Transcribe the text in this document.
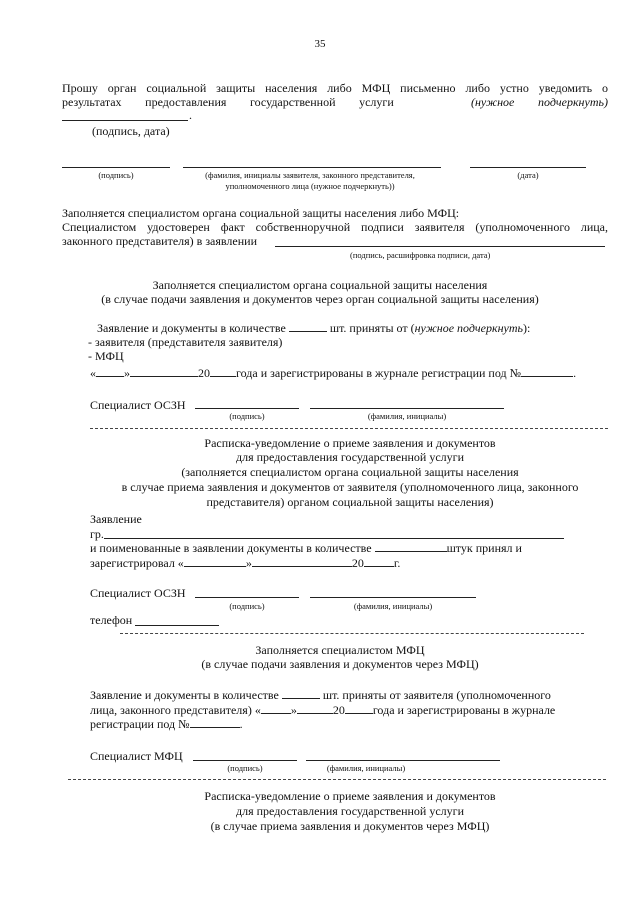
35
Прошу орган социальной защиты населения либо МФЦ письменно либо устно уведомить о
результатах предоставления государственной услуги	(нужное подчеркнуть)
.
(подпись, дата)
(подпись)	(фамилия, инициалы заявителя, законного представителя,
уполномоченного лица (нужное подчеркнуть))
(дата)
Заполняется специалистом органа социальной защиты населения либо МФЦ:
Специалистом удостоверен факт собственноручной подписи заявителя (уполномоченного лица,
законного представителя) в заявлении
(подпись, расшифровка подписи, дата)
Заполняется специалистом органа социальной защиты населения
(в случае подачи заявления и документов через орган социальной защиты населения)
Заявление и документы в количестве	шт. приняты от (нужное подчеркнуть):
- заявителя (представителя заявителя)
- МФЦ
« »	20 года и зарегистрированы в журнале регистрации под №	.
Специалист ОСЗН
(подпись)	(фамилия, инициалы)
Расписка-уведомление о приеме заявления и документов
для предоставления государственной услуги
(заполняется специалистом органа социальной защиты населения
в случае приема заявления и документов от заявителя (уполномоченного лица, законного
представителя) органом социальной защиты населения)
Заявление
гр.
и поименованные в заявлении документы в количестве	штук принял и
зарегистрировал «	»	20	г.
Специалист ОСЗН
(подпись)	(фамилия, инициалы)
телефон
Заполняется специалистом МФЦ
(в случае подачи заявления и документов через МФЦ)
Заявление и документы в количестве	шт. приняты от заявителя (уполномоченного
лица, законного представителя) «	»	20 года и зарегистрированы в журнале
регистрации под №	.
Специалист МФЦ
(подпись)	(фамилия, инициалы)
Расписка-уведомление о приеме заявления и документов
для предоставления государственной услуги
(в случае приема заявления и документов через МФЦ)
